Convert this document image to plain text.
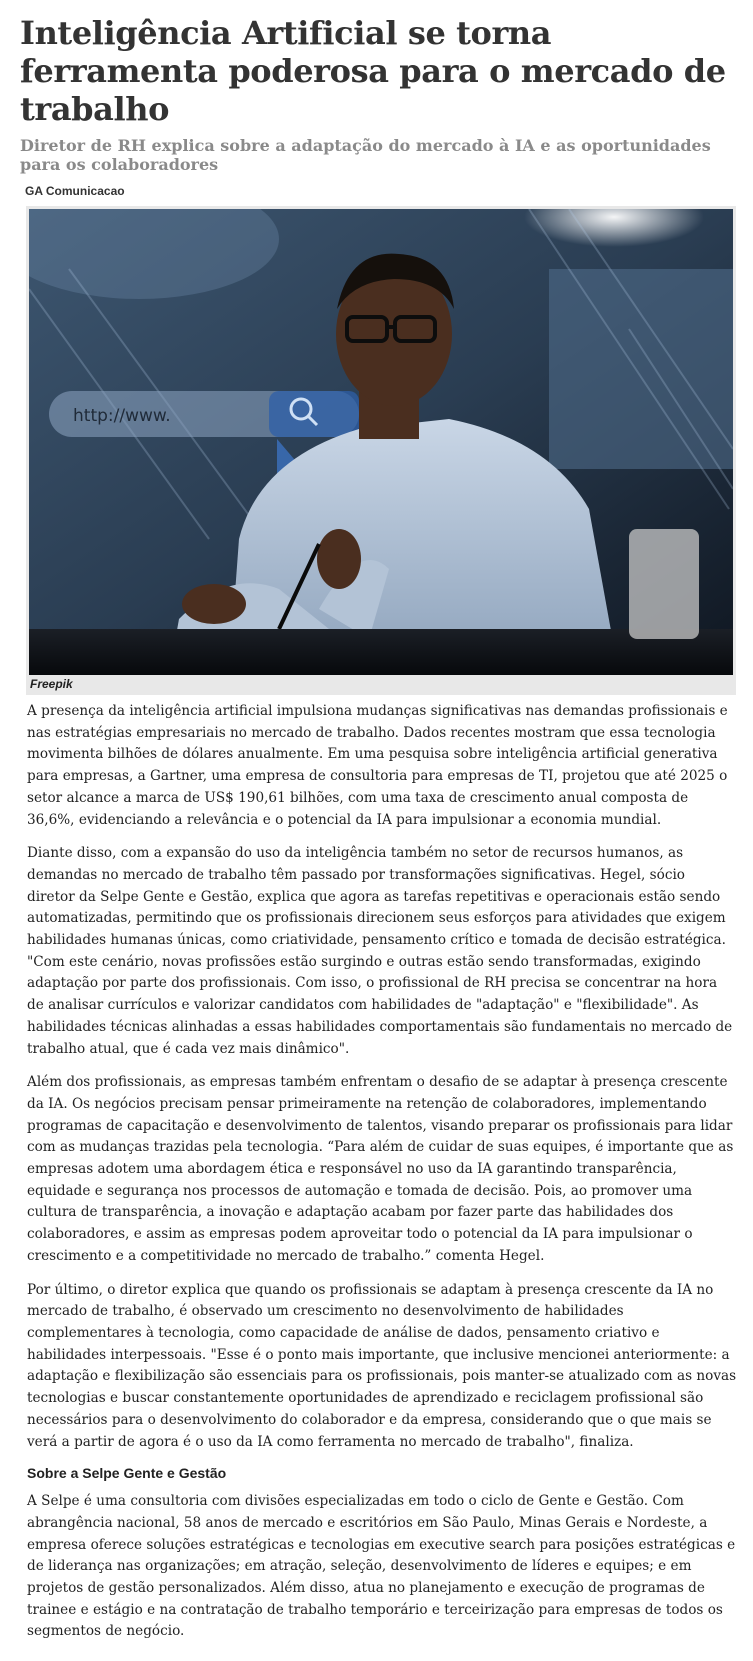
Inteligência Artificial se torna ferramenta poderosa para o mercado de trabalho
Diretor de RH explica sobre a adaptação do mercado à IA e as oportunidades para os colaboradores
GA Comunicacao
http://www.
Freepik

A presença da inteligência artificial impulsiona mudanças significativas nas demandas profissionais e nas estratégias empresariais no mercado de trabalho. Dados recentes mostram que essa tecnologia movimenta bilhões de dólares anualmente. Em uma pesquisa sobre inteligência artificial generativa para empresas, a Gartner, uma empresa de consultoria para empresas de TI, projetou que até 2025 o setor alcance a marca de US$ 190,61 bilhões, com uma taxa de crescimento anual composta de 36,6%, evidenciando a relevância e o potencial da IA para impulsionar a economia mundial.

Diante disso, com a expansão do uso da inteligência também no setor de recursos humanos, as demandas no mercado de trabalho têm passado por transformações significativas. Hegel, sócio diretor da Selpe Gente e Gestão, explica que agora as tarefas repetitivas e operacionais estão sendo automatizadas, permitindo que os profissionais direcionem seus esforços para atividades que exigem habilidades humanas únicas, como criatividade, pensamento crítico e tomada de decisão estratégica. "Com este cenário, novas profissões estão surgindo e outras estão sendo transformadas, exigindo adaptação por parte dos profissionais. Com isso, o profissional de RH precisa se concentrar na hora de analisar currículos e valorizar candidatos com habilidades de "adaptação" e "flexibilidade". As habilidades técnicas alinhadas a essas habilidades comportamentais são fundamentais no mercado de trabalho atual, que é cada vez mais dinâmico".

Além dos profissionais, as empresas também enfrentam o desafio de se adaptar à presença crescente da IA. Os negócios precisam pensar primeiramente na retenção de colaboradores, implementando programas de capacitação e desenvolvimento de talentos, visando preparar os profissionais para lidar com as mudanças trazidas pela tecnologia. “Para além de cuidar de suas equipes, é importante que as empresas adotem uma abordagem ética e responsável no uso da IA garantindo transparência, equidade e segurança nos processos de automação e tomada de decisão. Pois, ao promover uma cultura de transparência, a inovação e adaptação acabam por fazer parte das habilidades dos colaboradores, e assim as empresas podem aproveitar todo o potencial da IA para impulsionar o crescimento e a competitividade no mercado de trabalho.” comenta Hegel.

Por último, o diretor explica que quando os profissionais se adaptam à presença crescente da IA no mercado de trabalho, é observado um crescimento no desenvolvimento de habilidades complementares à tecnologia, como capacidade de análise de dados, pensamento criativo e habilidades interpessoais. "Esse é o ponto mais importante, que inclusive mencionei anteriormente: a adaptação e flexibilização são essenciais para os profissionais, pois manter-se atualizado com as novas tecnologias e buscar constantemente oportunidades de aprendizado e reciclagem profissional são necessários para o desenvolvimento do colaborador e da empresa, considerando que o que mais se verá a partir de agora é o uso da IA como ferramenta no mercado de trabalho", finaliza.

Sobre a Selpe Gente e Gestão

A Selpe é uma consultoria com divisões especializadas em todo o ciclo de Gente e Gestão. Com abrangência nacional, 58 anos de mercado e escritórios em São Paulo, Minas Gerais e Nordeste, a empresa oferece soluções estratégicas e tecnologias em executive search para posições estratégicas e de liderança nas organizações; em atração, seleção, desenvolvimento de líderes e equipes; e em projetos de gestão personalizados. Além disso, atua no planejamento e execução de programas de trainee e estágio e na contratação de trabalho temporário e terceirização para empresas de todos os segmentos de negócio.
